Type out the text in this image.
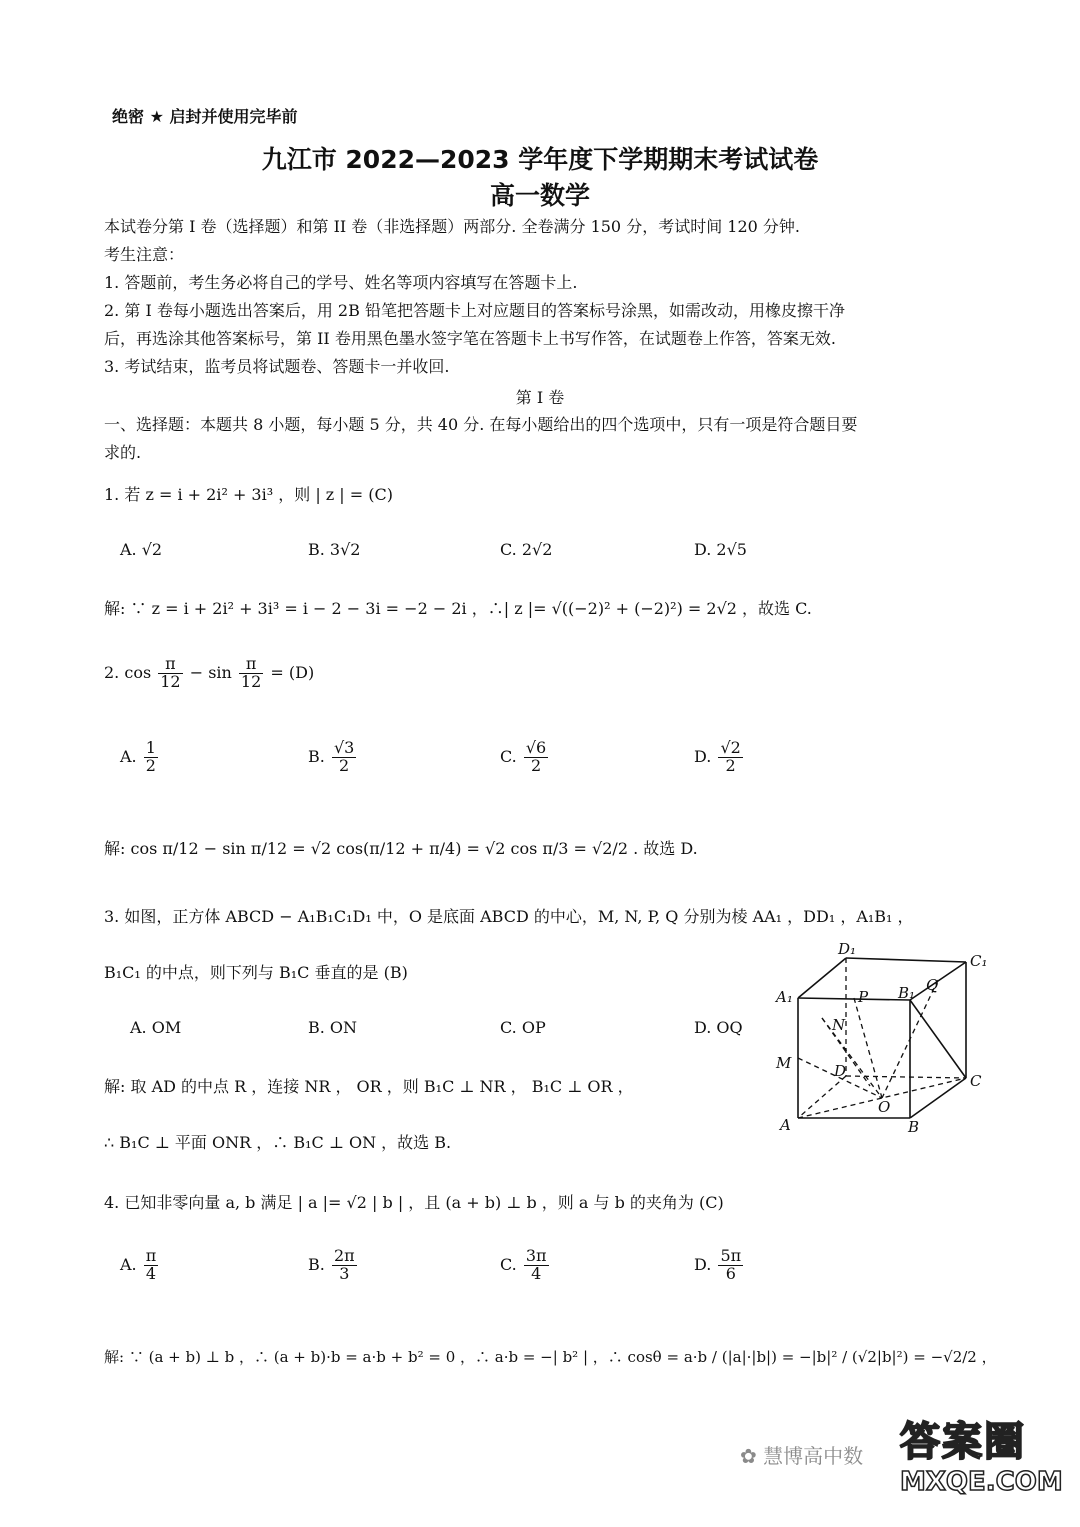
绝密 ★ 启封并使用完毕前
九江市 2022—2023 学年度下学期期末考试试卷
高一数学
本试卷分第 I 卷（选择题）和第 II 卷（非选择题）两部分. 全卷满分 150 分，考试时间 120 分钟.
考生注意：
1. 答题前，考生务必将自己的学号、姓名等项内容填写在答题卡上.
2. 第 I 卷每小题选出答案后，用 2B 铅笔把答题卡上对应题目的答案标号涂黑，如需改动，用橡皮擦干净
后，再选涂其他答案标号，第 II 卷用黑色墨水签字笔在答题卡上书写作答，在试题卷上作答，答案无效.
3. 考试结束，监考员将试题卷、答题卡一并收回.
第 I 卷
一、选择题：本题共 8 小题，每小题 5 分，共 40 分. 在每小题给出的四个选项中，只有一项是符合题目要
求的.
1. 若 z = i + 2i² + 3i³ ，则 | z | = (C)
A. √2	B. 3√2	C. 2√2	D. 2√5
解: ∵ z = i + 2i² + 3i³ = i − 2 − 3i = −2 − 2i ，∴| z |= √((−2)² + (−2)²) = 2√2 ，故选 C.
2. $\cos \frac{\pi}{12} - \sin \frac{\pi}{12} = (D)$
A. $\frac{1}{2}$	B. $\frac{√3}{2}$	C. $\frac{√6}{2}$	D. $\frac{√2}{2}$
解: cos π/12 − sin π/12 = √2 cos(π/12 + π/4) = √2 cos π/3 = √2/2 . 故选 D.
3. 如图，正方体 ABCD − A₁B₁C₁D₁ 中，O 是底面 ABCD 的中心，M, N, P, Q 分别为棱 AA₁ ，DD₁ ，A₁B₁ ，
B₁C₁ 的中点，则下列与 B₁C 垂直的是 (B)
A. OM	B. ON	C. OP	D. OQ
解: 取 AD 的中点 R ，连接 NR ， OR ，则 B₁C ⊥ NR ， B₁C ⊥ OR ，
∴ B₁C ⊥ 平面 ONR ，∴ B₁C ⊥ ON ，故选 B.
D₁
C₁
A₁	P B₁ Q
N
M	D
C
O
A	B
4. 已知非零向量 a, b 满足 | a |= √2 | b | ，且 (a + b) ⊥ b ，则 a 与 b 的夹角为 (C)
A. $\frac{\pi}{4}$	B. $\frac{2\pi}{3}$	C. $\frac{3\pi}{4}$	D. $\frac{5\pi}{6}$
解: ∵ (a + b) ⊥ b ，∴ (a + b)·b = a·b + b² = 0 ，∴ a·b = −| b² | ，∴ cosθ = a·b / (|a|·|b|) = −|b|² / (√2|b|²) = −√2/2 ，
✿ 慧博高中数 答案圈
MXQE.COM
